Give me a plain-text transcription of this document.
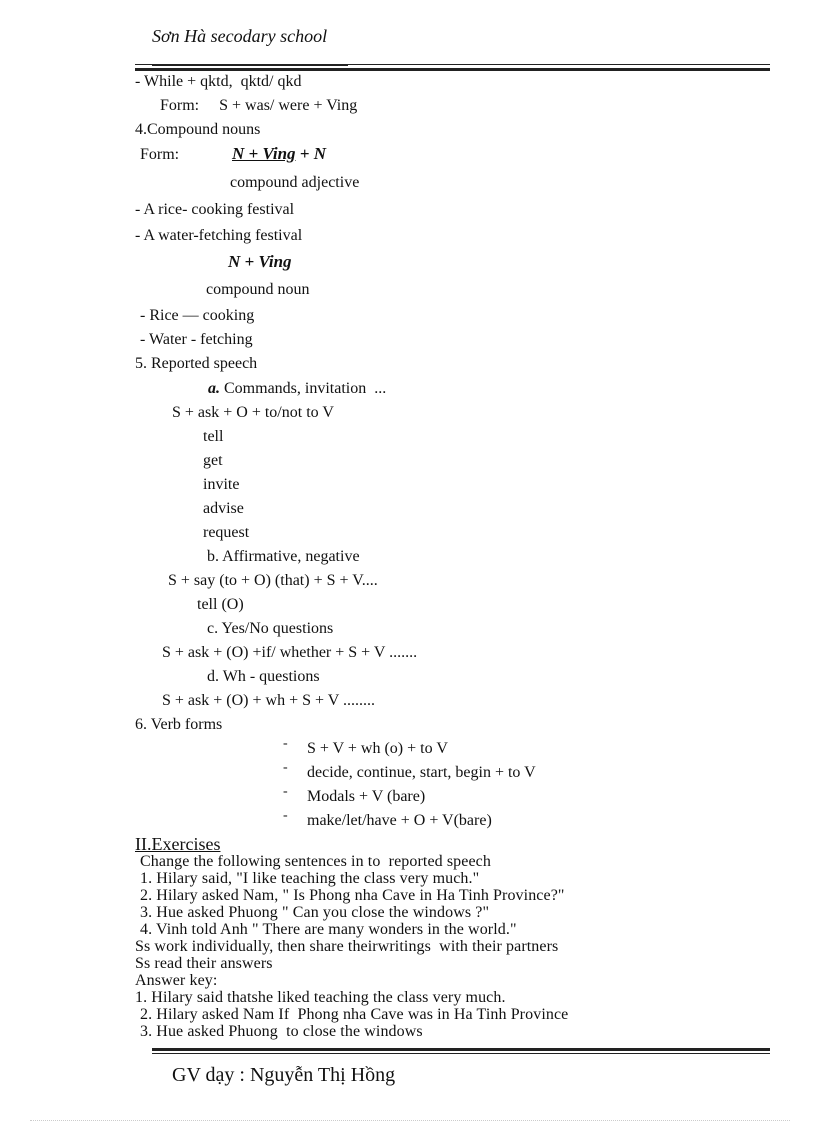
Sơn Hà secodary school
- While + qktd,  qktd/ qkd
Form:     S + was/ were + Ving
4.Compound nouns
Form:	N + Ving + N
compound adjective
- A rice- cooking festival
- A water-fetching festival
N + Ving
compound noun
- Rice — cooking
- Water - fetching
5. Reported speech
a. Commands, invitation  ...
S + ask + O + to/not to V
tell
get
invite
advise
request
b. Affirmative, negative
S + say (to + O) (that) + S + V....
tell (O)
c. Yes/No questions
S + ask + (O) +if/ whether + S + V .......
d. Wh - questions
S + ask + (O) + wh + S + V ........
6. Verb forms
- S + V + wh (o) + to V
- decide, continue, start, begin + to V
- Modals + V (bare)
- make/let/have + O + V(bare)
II.Exercises
Change the following sentences in to  reported speech
1. Hilary said, "I like teaching the class very much."
2. Hilary asked Nam, " Is Phong nha Cave in Ha Tinh Province?"
3. Hue asked Phuong " Can you close the windows ?"
4. Vinh told Anh " There are many wonders in the world."
Ss work individually, then share theirwritings  with their partners
Ss read their answers
Answer key:
1. Hilary said thatshe liked teaching the class very much.
2. Hilary asked Nam If  Phong nha Cave was in Ha Tinh Province
3. Hue asked Phuong  to close the windows
GV dạy : Nguyễn Thị Hồng
